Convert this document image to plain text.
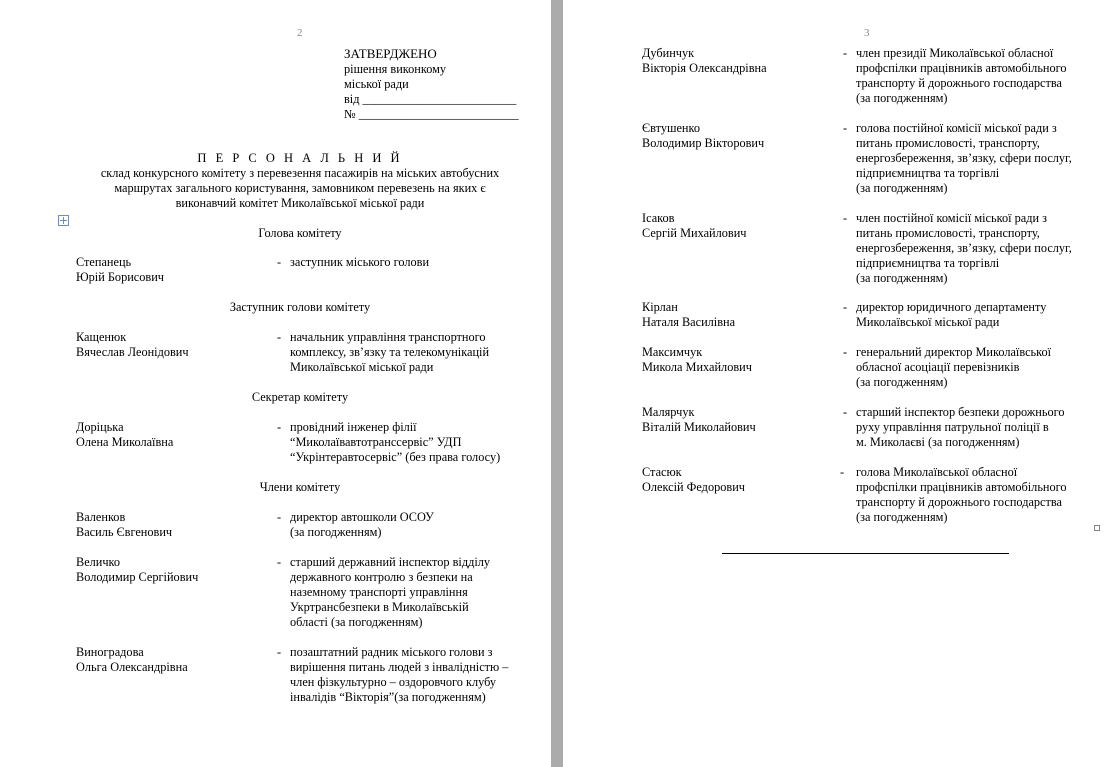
2
ЗАТВЕРДЖЕНО
рішення виконкому
міської ради
від _________________________
№ __________________________
П Е Р С О Н А Л Ь Н И Й
склад конкурсного комітету з перевезення пасажирів на міських автобусних
маршрутах загального користування, замовником перевезень на яких є
виконавчий комітет Миколаївської міської ради
Голова комітету
Степанець
Юрій Борисович
- заступник міського голови
Заступник голови комітету
Кащенюк
Вячеслав Леонідович
- начальник управління транспортного
комплексу, зв’язку та телекомунікацій
Миколаївської міської ради
Секретар комітету
Доріцька
Олена Миколаївна
- провідний інженер філії
“Миколаївавтотранссервіс” УДП
“Укрінтеравтосервіс” (без права голосу)
Члени комітету
Валенков
Василь Євгенович
- директор автошколи ОСОУ
(за погодженням)
Величко
Володимир Сергійович
- старший державний інспектор відділу
державного контролю з безпеки на
наземному транспорті управління
Укртрансбезпеки в Миколаївській
області (за погодженням)
Виноградова
Ольга Олександрівна
- позаштатний радник міського голови з
вирішення питань людей з інвалідністю –
член фізкультурно – оздоровчого клубу
інвалідів “Вікторія”(за погодженням)
3
Дубинчук
Вікторія Олександрівна
- член президії Миколаївської обласної
профспілки працівників автомобільного
транспорту й дорожнього господарства
(за погодженням)
Євтушенко
Володимир Вікторович
- голова постійної комісії міської ради з
питань промисловості, транспорту,
енергозбереження, зв’язку, сфери послуг,
підприємництва та торгівлі
(за погодженням)
Ісаков
Сергій Михайлович
- член постійної комісії міської ради з
питань промисловості, транспорту,
енергозбереження, зв’язку, сфери послуг,
підприємництва та торгівлі
(за погодженням)
Кірлан
Наталя Василівна
- директор юридичного департаменту
Миколаївської міської ради
Максимчук
Микола Михайлович
- генеральний директор Миколаївської
обласної асоціації перевізників
(за погодженням)
Малярчук
Віталій Миколайович
- старший інспектор безпеки дорожнього
руху управління патрульної поліції в
м. Миколаєві (за погодженням)
Стасюк
Олексій Федорович
- голова Миколаївської обласної
профспілки працівників автомобільного
транспорту й дорожнього господарства
(за погодженням)
